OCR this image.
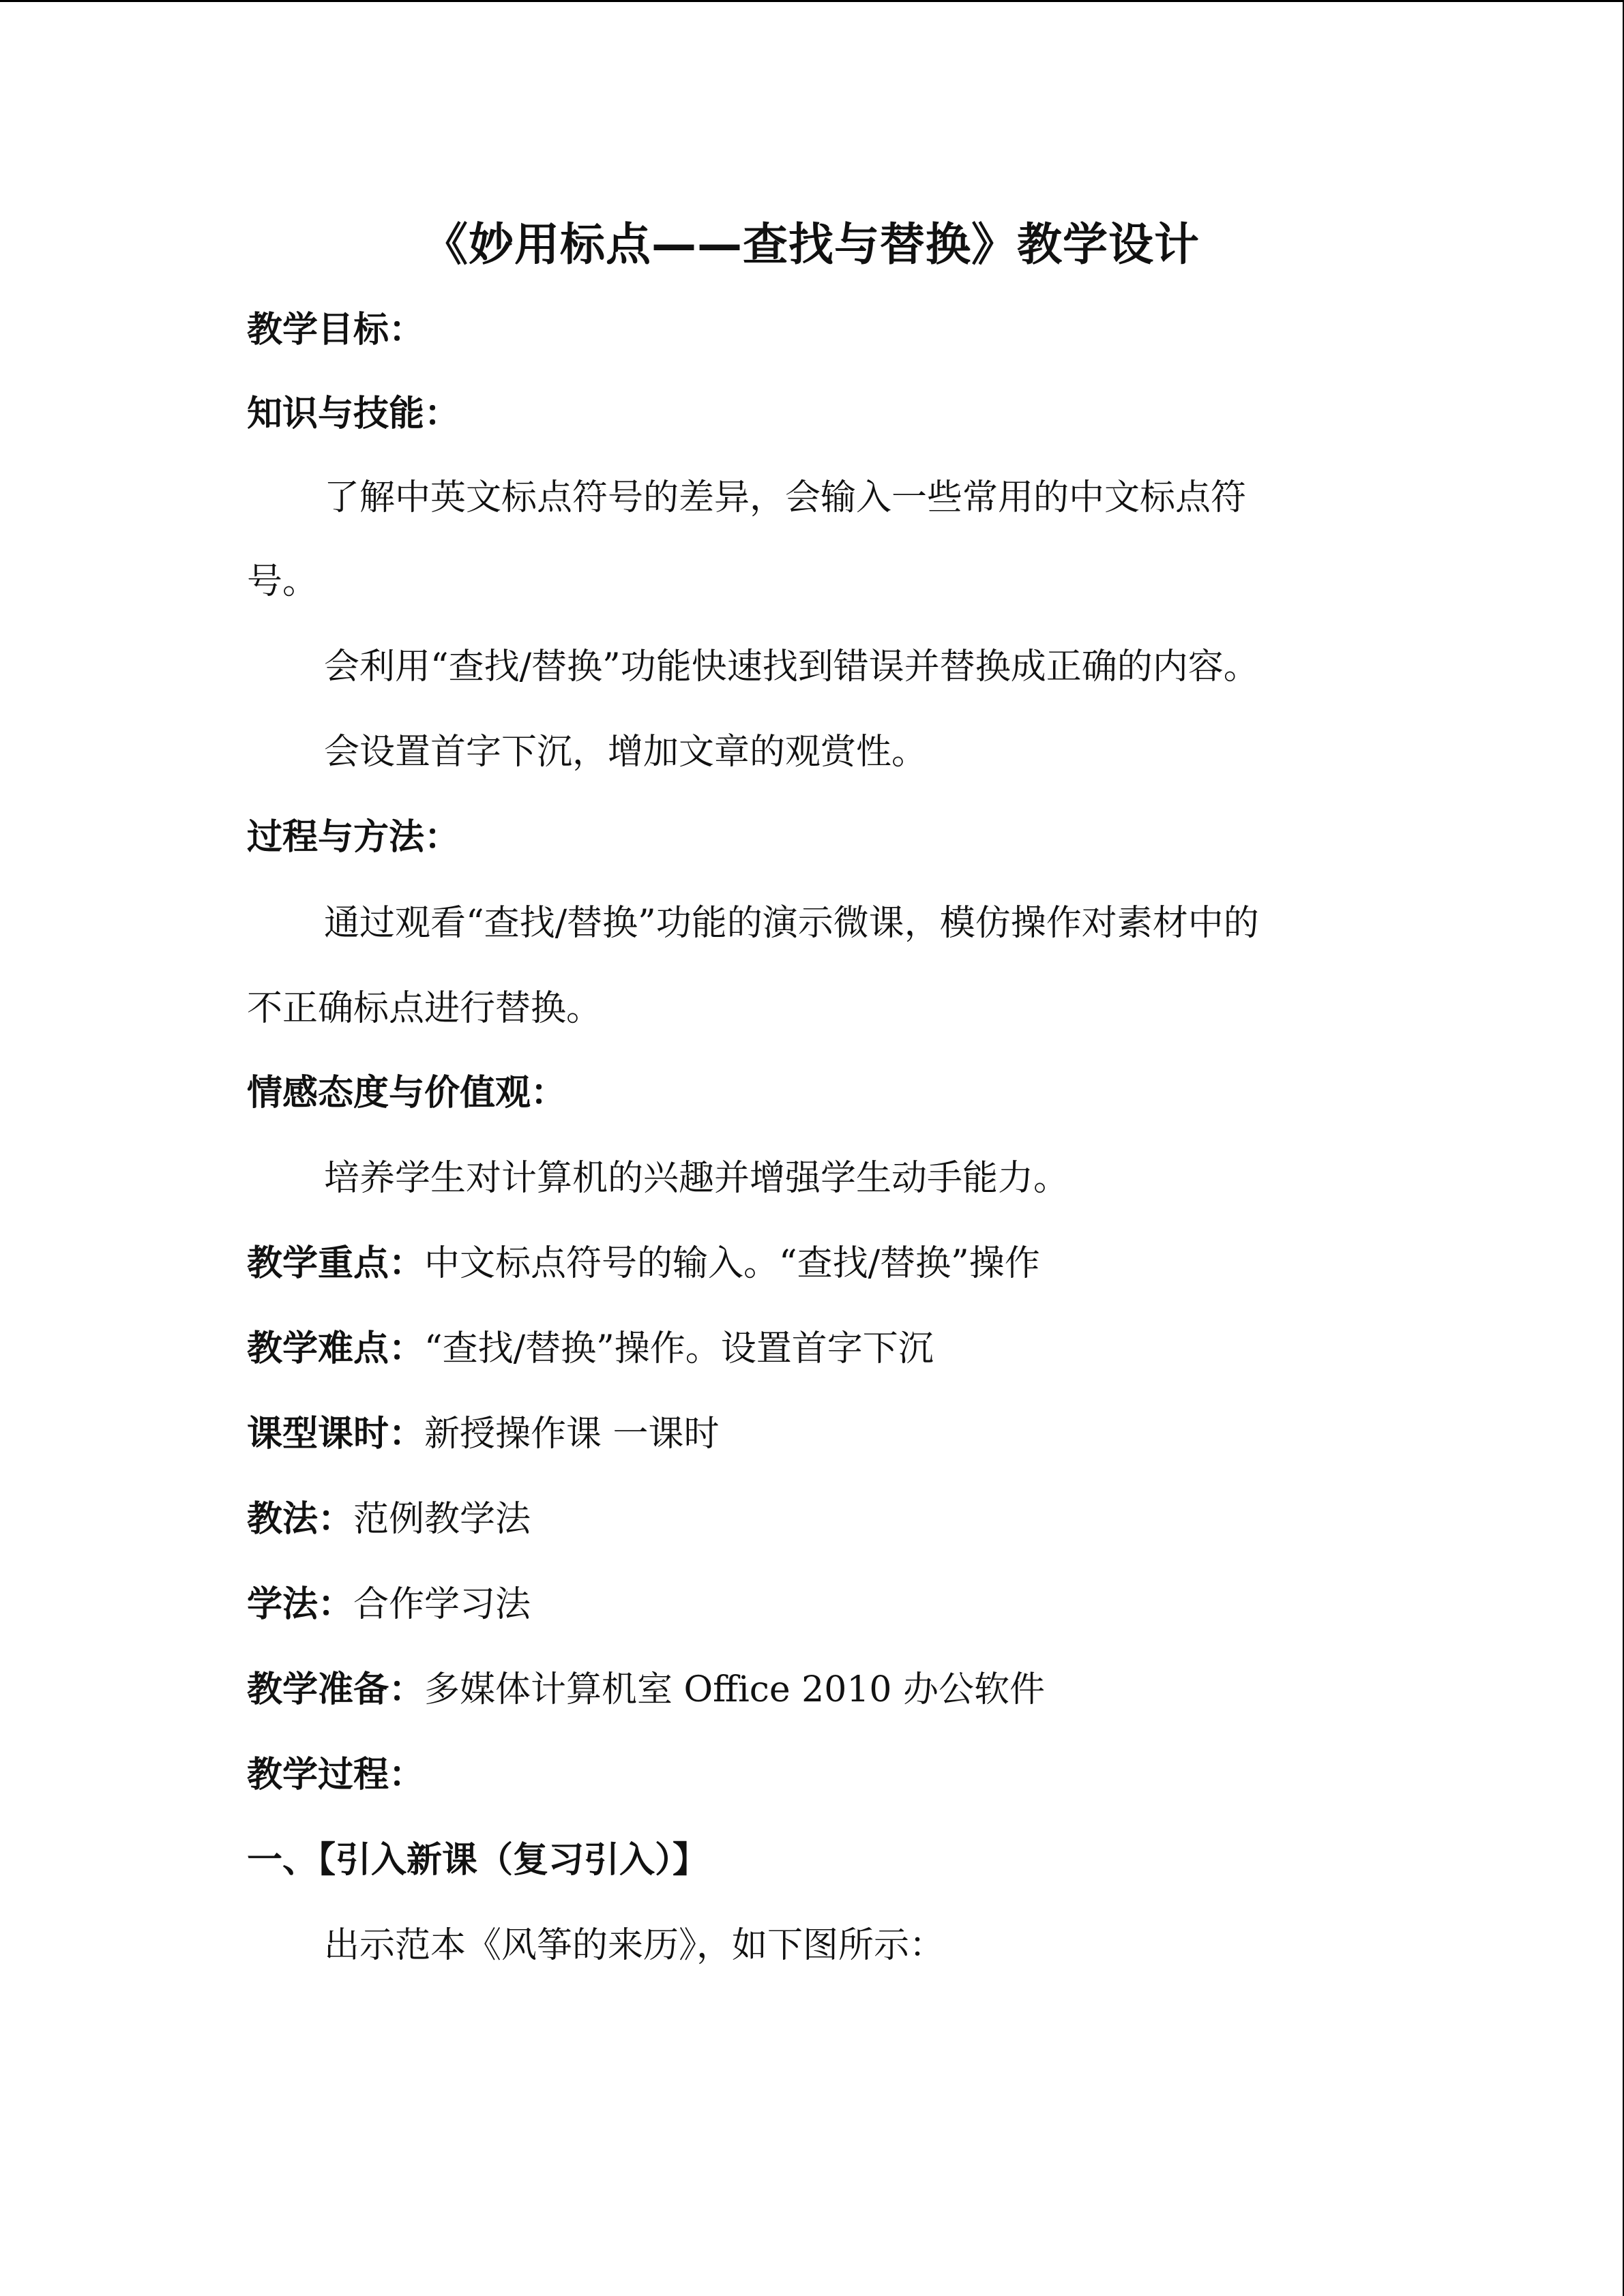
《妙用标点——查找与替换》教学设计
教学目标：
知识与技能：
了解中英文标点符号的差异，会输入一些常用的中文标点符
号。
会利用“查找/替换”功能快速找到错误并替换成正确的内容。
会设置首字下沉，增加文章的观赏性。
过程与方法：
通过观看“查找/替换”功能的演示微课，模仿操作对素材中的
不正确标点进行替换。
情感态度与价值观：
培养学生对计算机的兴趣并增强学生动手能力。
教学重点：中文标点符号的输入。“查找/替换”操作
教学难点：“查找/替换”操作。设置首字下沉
课型课时：新授操作课 一课时
教法：范例教学法
学法：合作学习法
教学准备：多媒体计算机室 Office 2010 办公软件
教学过程：
一、【引入新课（复习引入）】
出示范本《风筝的来历》，如下图所示：
